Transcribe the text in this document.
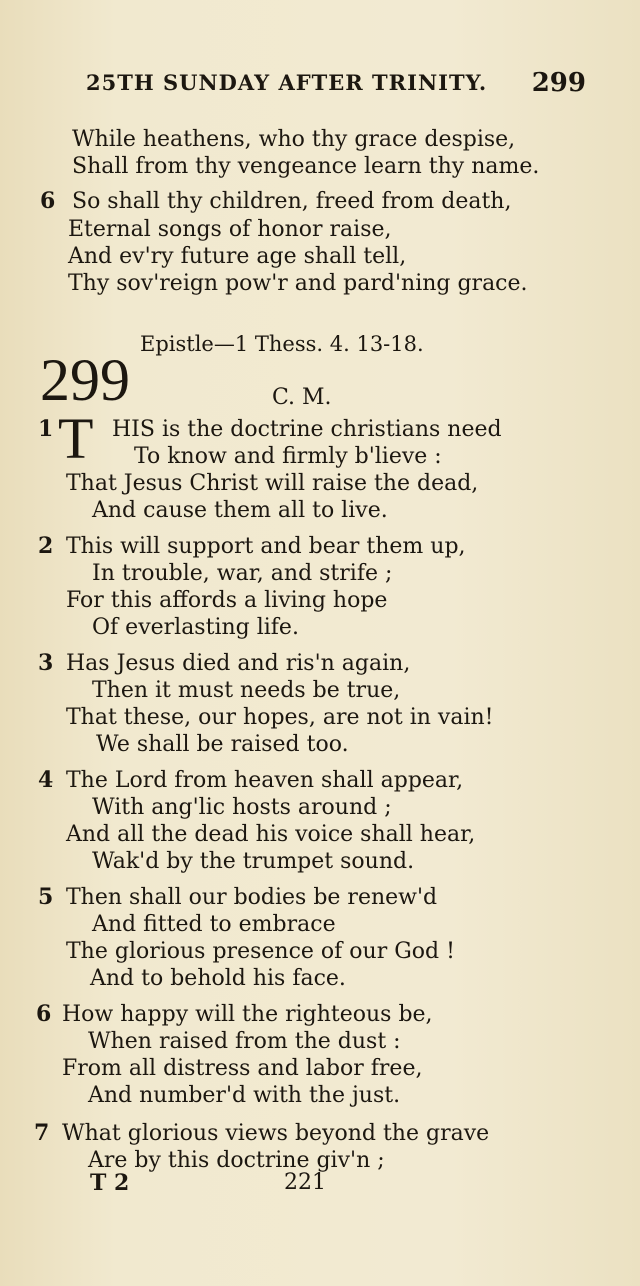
25TH SUNDAY AFTER TRINITY. 299
While heathens, who thy grace despise,
Shall from thy vengeance learn thy name.
6 So shall thy children, freed from death,
Eternal songs of honor raise,
And ev'ry future age shall tell,
Thy sov'reign pow'r and pard'ning grace.
Epistle—1 Thess. 4. 13-18.
299	C. M.
1 T HIS is the doctrine christians need
To know and firmly b'lieve :
That Jesus Christ will raise the dead,
And cause them all to live.
2 This will support and bear them up,
In trouble, war, and strife ;
For this affords a living hope
Of everlasting life.
3 Has Jesus died and ris'n again,
Then it must needs be true,
That these, our hopes, are not in vain!
We shall be raised too.
4 The Lord from heaven shall appear,
With ang'lic hosts around ;
And all the dead his voice shall hear,
Wak'd by the trumpet sound.
5 Then shall our bodies be renew'd
And fitted to embrace
The glorious presence of our God !
And to behold his face.
6 How happy will the righteous be,
When raised from the dust :
From all distress and labor free,
And number'd with the just.
7 What glorious views beyond the grave
Are by this doctrine giv'n ;
T 2	221
